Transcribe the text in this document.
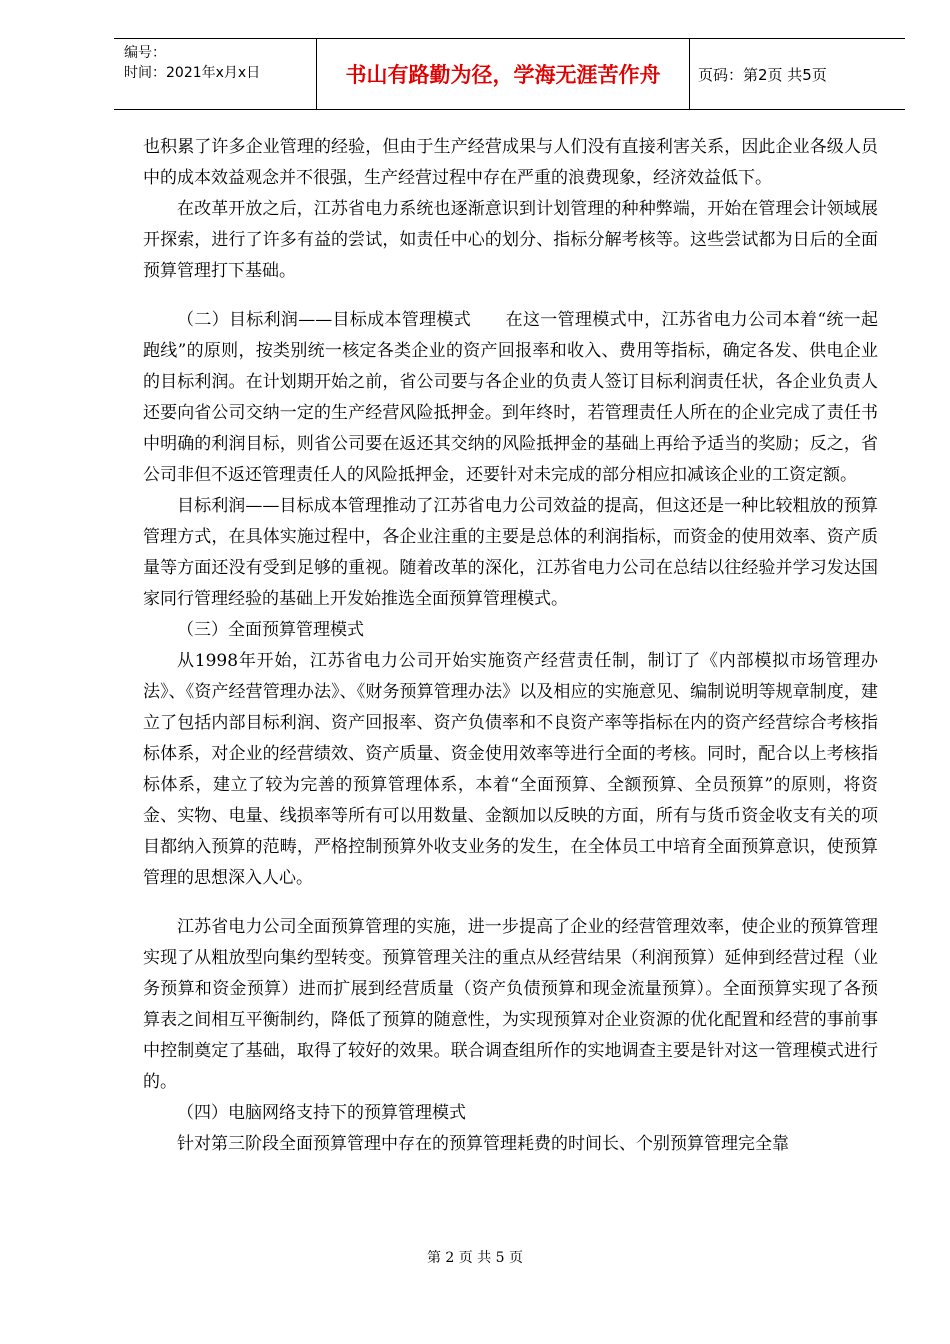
编号：
时间：2021年x月x日	书山有路勤为径，学海无涯苦作舟	页码：第2页 共5页

也积累了许多企业管理的经验，但由于生产经营成果与人们没有直接利害关系，因此企业各级人员中的成本效益观念并不很强，生产经营过程中存在严重的浪费现象，经济效益低下。

在改革开放之后，江苏省电力系统也逐渐意识到计划管理的种种弊端，开始在管理会计领域展开探索，进行了许多有益的尝试，如责任中心的划分、指标分解考核等。这些尝试都为日后的全面预算管理打下基础。

（二）目标利润——目标成本管理模式　　在这一管理模式中，江苏省电力公司本着“统一起跑线”的原则，按类别统一核定各类企业的资产回报率和收入、费用等指标，确定各发、供电企业的目标利润。在计划期开始之前，省公司要与各企业的负责人签订目标利润责任状，各企业负责人还要向省公司交纳一定的生产经营风险抵押金。到年终时，若管理责任人所在的企业完成了责任书中明确的利润目标，则省公司要在返还其交纳的风险抵押金的基础上再给予适当的奖励；反之，省公司非但不返还管理责任人的风险抵押金，还要针对未完成的部分相应扣减该企业的工资定额。

目标利润——目标成本管理推动了江苏省电力公司效益的提高，但这还是一种比较粗放的预算管理方式，在具体实施过程中，各企业注重的主要是总体的利润指标，而资金的使用效率、资产质量等方面还没有受到足够的重视。随着改革的深化，江苏省电力公司在总结以往经验并学习发达国家同行管理经验的基础上开发始推选全面预算管理模式。

（三）全面预算管理模式

从1998年开始，江苏省电力公司开始实施资产经营责任制，制订了《内部模拟市场管理办法》、《资产经营管理办法》、《财务预算管理办法》以及相应的实施意见、编制说明等规章制度，建立了包括内部目标利润、资产回报率、资产负债率和不良资产率等指标在内的资产经营综合考核指标体系，对企业的经营绩效、资产质量、资金使用效率等进行全面的考核。同时，配合以上考核指标体系，建立了较为完善的预算管理体系，本着“全面预算、全额预算、全员预算”的原则，将资金、实物、电量、线损率等所有可以用数量、金额加以反映的方面，所有与货币资金收支有关的项目都纳入预算的范畴，严格控制预算外收支业务的发生，在全体员工中培育全面预算意识，使预算管理的思想深入人心。

江苏省电力公司全面预算管理的实施，进一步提高了企业的经营管理效率，使企业的预算管理实现了从粗放型向集约型转变。预算管理关注的重点从经营结果（利润预算）延伸到经营过程（业务预算和资金预算）进而扩展到经营质量（资产负债预算和现金流量预算）。全面预算实现了各预算表之间相互平衡制约，降低了预算的随意性，为实现预算对企业资源的优化配置和经营的事前事中控制奠定了基础，取得了较好的效果。联合调查组所作的实地调查主要是针对这一管理模式进行的。

（四）电脑网络支持下的预算管理模式

针对第三阶段全面预算管理中存在的预算管理耗费的时间长、个别预算管理完全靠

第 2 页 共 5 页
